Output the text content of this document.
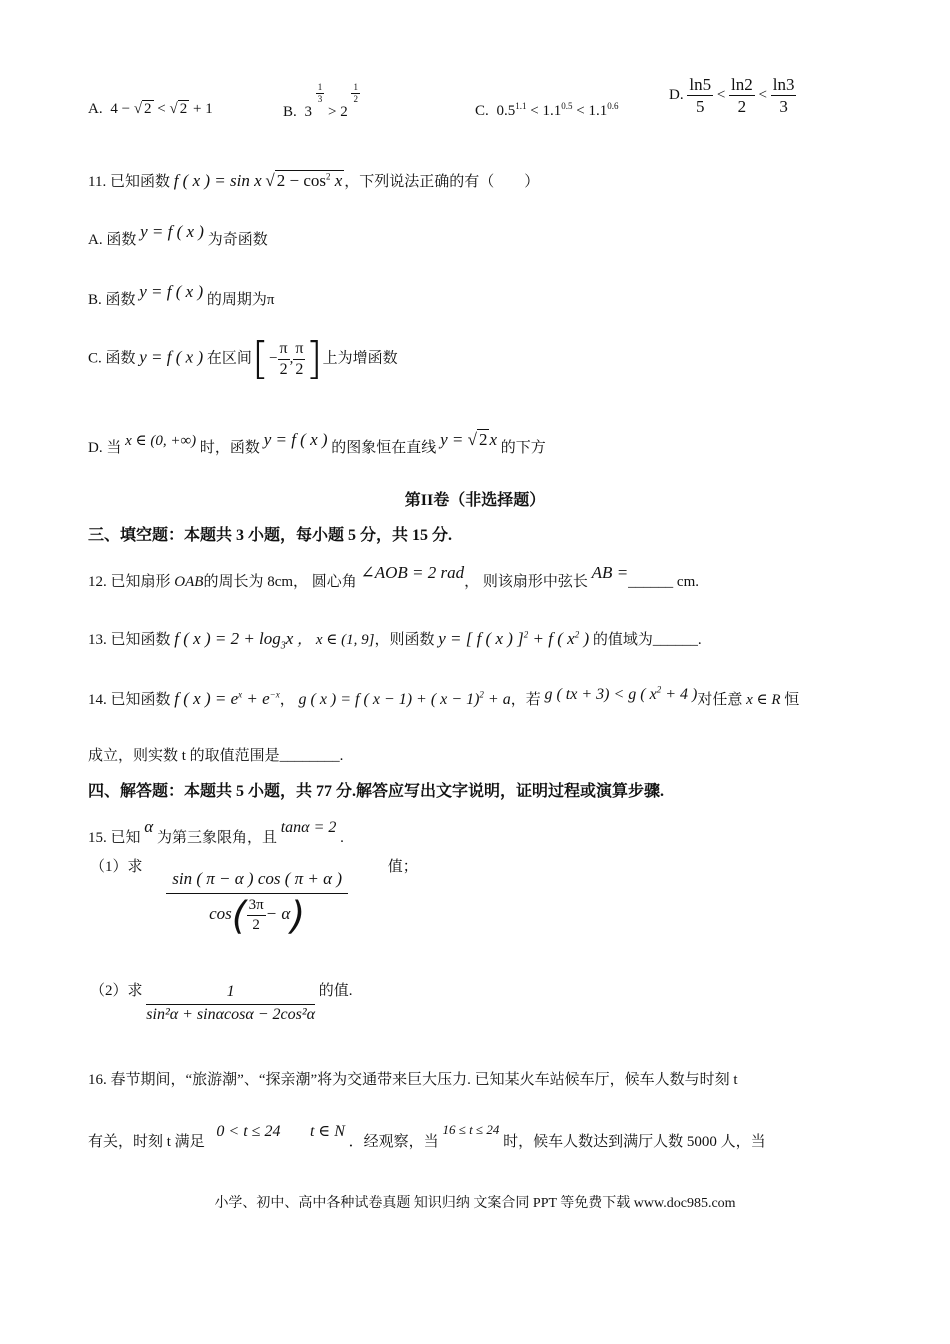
A. 4 − √ 2 < √ 2 + 1	B. 3
$\frac{1}{3}$
> 2
$\frac{1}{2}$
C. $0.5^{1.1} < 1.1^{0.5} < 1.1^{0.6}$
D. $\frac{\ln 5}{5} < \frac{\ln 2}{2} < \frac{\ln 3}{3}$
11. 已知函数 f ( x ) = sin x √ $2 - \cos^2 x$ ，下列说法正确的有（　　）
A. 函数 y = f ( x ) 为奇函数
B. 函数 y = f ( x ) 的周期为π
C. 函数 y = f ( x ) 在区间[− $\frac{\pi}{2}$ , $\frac{\pi}{2}$ ]上为增函数
D. 当 x ∈ (0, +∞) 时，函数 y = f ( x ) 的图象恒在直线 y = √ 2 x 的下方
第II卷（非选择题）
三、填空题：本题共 3 小题，每小题 5 分，共 15 分.
12. 已知扇形 OAB的周长为 8cm， 圆心角 ∠AOB = 2 rad， 则该扇形中弦长 AB =______ cm.
13. 已知函数 f ( x ) = $2 + \log_3x$ ， x ∈ (1, 9]，则函数 y = [ f ( x ) ]$^2$ + f ( $x^2$ ) 的值域为______.
14. 已知函数 f ( x ) = $e^x + e^{-x}$， g ( x ) = f ( x − 1) + ( x − 1)$^2$ + a，若 g ( tx + 3) < g ( $x^2 + 4$ )对任意 x ∈ R 恒
成立，则实数 t 的取值范围是________.
四、解答题：本题共 5 小题，共 77 分.解答应写出文字说明，证明过程或演算步骤.
15. 已知 α 为第三象限角，且 tanα = 2 .
（1）求
$\frac{\sin ( \pi - \alpha ) \cos ( \pi + \alpha )}{\cos( \frac{3\pi}{2} - \alpha)}$
值；
（2）求 $\frac{1}{\text{sin²α + sinαcosα − 2cos²α}}$ 的值.
16. 春节期间，“旅游潮”、“探亲潮”将为交通带来巨大压力. 已知某火车站候车厅，候车人数与时刻 t
有关，时刻 t 满足 0 < t ≤ 24 t ∈ N ．经观察，当 16 ≤ t ≤ 24 时，候车人数达到满厅人数 5000 人，当
小学、初中、高中各种试卷真题 知识归纳 文案合同 PPT 等免费下载 www.doc985.com
